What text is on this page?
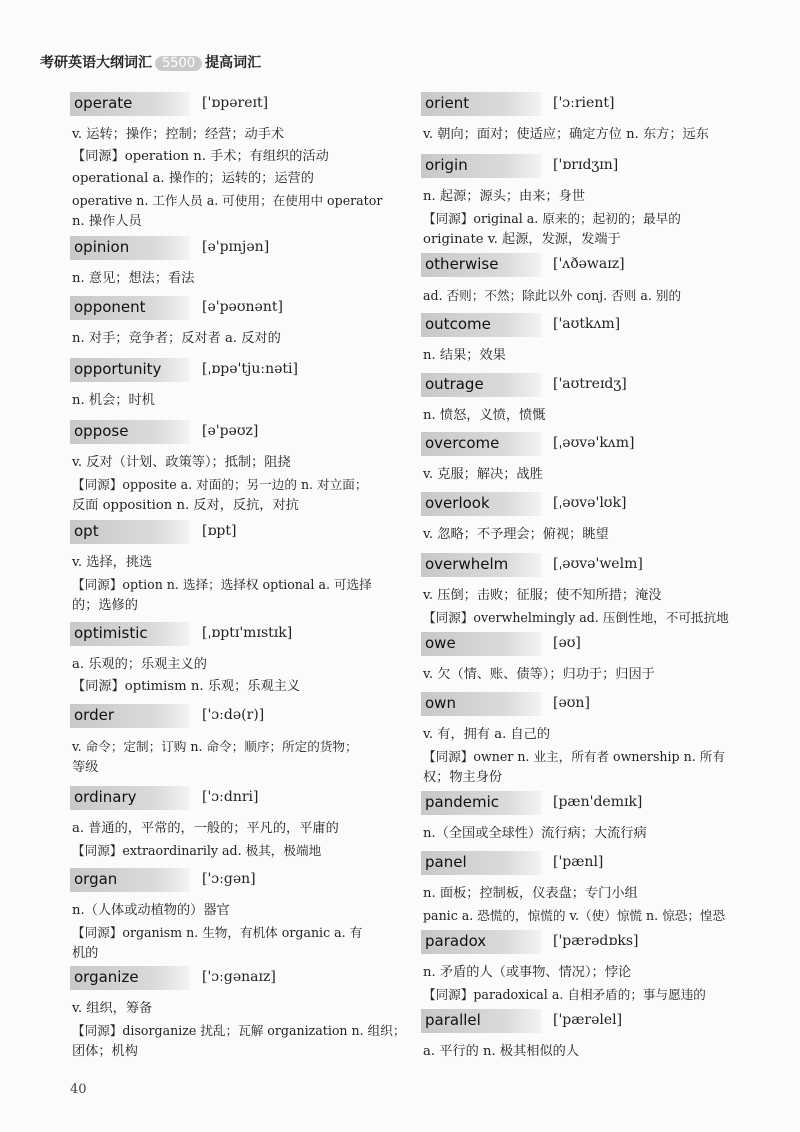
考研英语大纲词汇 5500 提高词汇
operate	['ɒpəreɪt]
v. 运转；操作；控制；经营；动手术
【同源】operation n. 手术；有组织的活动
operational a. 操作的；运转的；运营的
operative n. 工作人员 a. 可使用；在使用中 operator
n. 操作人员
opinion	[ə'pɪnjən]
n. 意见；想法；看法
opponent	[ə'pəʊnənt]
n. 对手；竞争者；反对者 a. 反对的
opportunity	[ˌɒpə'tjuːnəti]
n. 机会；时机
oppose	[ə'pəʊz]
v. 反对（计划、政策等）；抵制；阻挠
【同源】opposite a. 对面的；另一边的 n. 对立面；
反面 opposition n. 反对，反抗，对抗
opt	[ɒpt]
v. 选择，挑选
【同源】option n. 选择；选择权 optional a. 可选择
的；选修的
optimistic	[ˌɒptɪ'mɪstɪk]
a. 乐观的；乐观主义的
【同源】optimism n. 乐观；乐观主义
order	['ɔːdə(r)]
v. 命令；定制；订购 n. 命令；顺序；所定的货物；
等级
ordinary	['ɔːdnri]
a. 普通的，平常的，一般的；平凡的，平庸的
【同源】extraordinarily ad. 极其，极端地
organ	['ɔːgən]
n.（人体或动植物的）器官
【同源】organism n. 生物，有机体 organic a. 有
机的
organize	['ɔːgənaɪz]
v. 组织，筹备
【同源】disorganize 扰乱；瓦解 organization n. 组织；
团体；机构
orient	['ɔːrient]
v. 朝向；面对；使适应；确定方位 n. 东方；远东
origin	['ɒrɪdʒɪn]
n. 起源；源头；由来；身世
【同源】original a. 原来的；起初的；最早的
originate v. 起源，发源，发端于
otherwise	['ʌðəwaɪz]
ad. 否则；不然；除此以外 conj. 否则 a. 别的
outcome	['aʊtkʌm]
n. 结果；效果
outrage	['aʊtreɪdʒ]
n. 愤怒，义愤，愤慨
overcome	[ˌəʊvə'kʌm]
v. 克服；解决；战胜
overlook	[ˌəʊvə'lʊk]
v. 忽略；不予理会；俯视；眺望
overwhelm	[ˌəʊvə'welm]
v. 压倒；击败；征服；使不知所措；淹没
【同源】overwhelmingly ad. 压倒性地，不可抵抗地
owe	[əʊ]
v. 欠（情、账、债等）；归功于；归因于
own	[əʊn]
v. 有，拥有 a. 自己的
【同源】owner n. 业主，所有者 ownership n. 所有
权；物主身份
pandemic	[pæn'demɪk]
n.（全国或全球性）流行病；大流行病
panel	['pænl]
n. 面板；控制板，仪表盘；专门小组
panic a. 恐慌的，惊慌的 v.（使）惊慌 n. 惊恐；惶恐
paradox	['pærədɒks]
n. 矛盾的人（或事物、情况）；悖论
【同源】paradoxical a. 自相矛盾的；事与愿违的
parallel	['pærəlel]
a. 平行的 n. 极其相似的人
40
